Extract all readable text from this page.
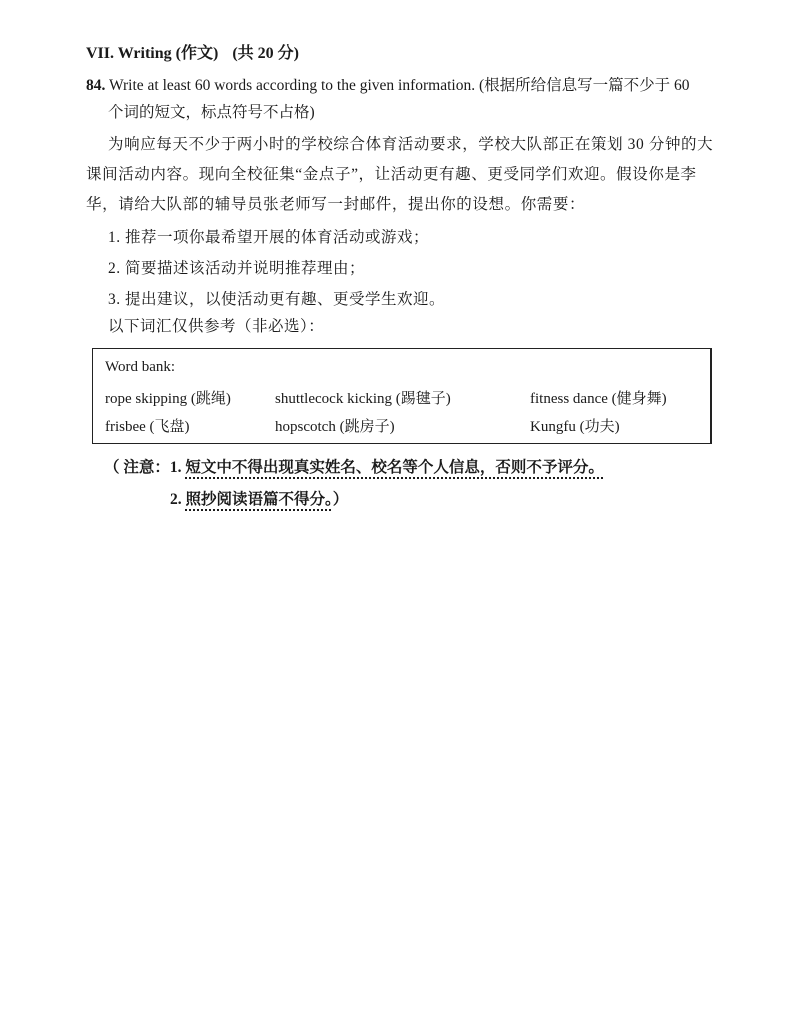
VII. Writing (作文) (共 20 分)
84. Write at least 60 words according to the given information. (根据所给信息写一篇不少于 60
个词的短文，标点符号不占格)
为响应每天不少于两小时的学校综合体育活动要求，学校大队部正在策划 30 分钟的大课间活动内容。现向全校征集“金点子”，让活动更有趣、更受同学们欢迎。假设你是李华，请给大队部的辅导员张老师写一封邮件，提出你的设想。你需要：
1. 推荐一项你最希望开展的体育活动或游戏；
2. 简要描述该活动并说明推荐理由；
3. 提出建议，以使活动更有趣、更受学生欢迎。
以下词汇仅供参考（非必选）：
Word bank:
rope skipping (跳绳)	shuttlecock kicking (踢毽子)	fitness dance (健身舞)
frisbee (飞盘)	hopscotch (跳房子)	Kungfu (功夫)
（ 注意：1. 短文中不得出现真实姓名、校名等个人信息，否则不予评分。
2. 照抄阅读语篇不得分。）
